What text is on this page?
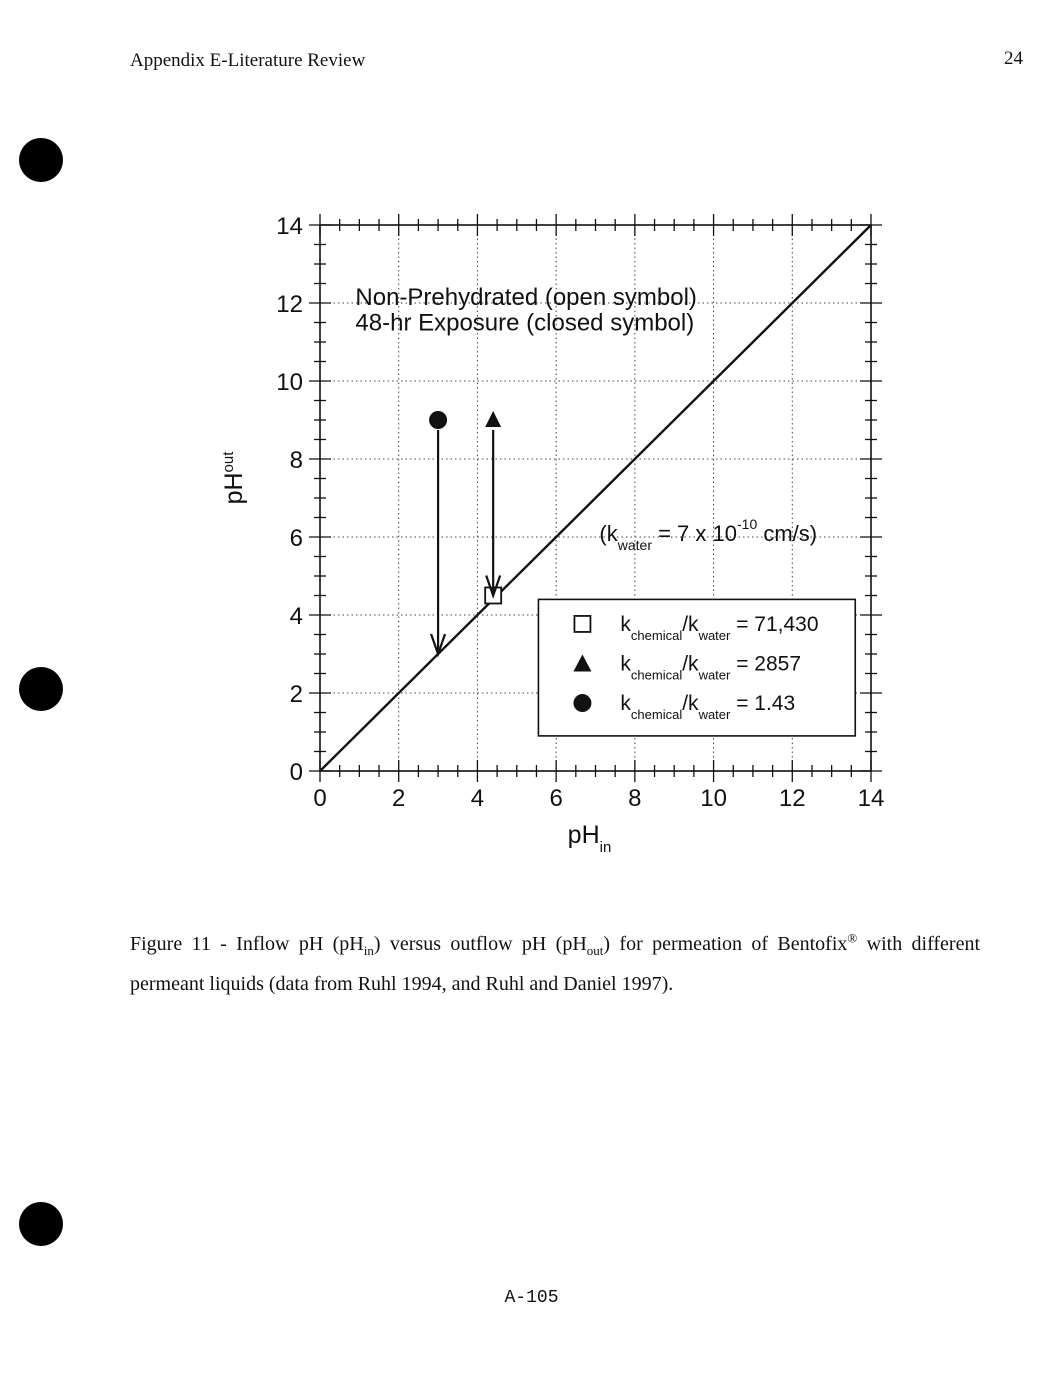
Appendix E-Literature Review	24
0	2	4	6	8 10 12 14
0
2
4
6
8
10
12
14
$pH_{in}$
$pH^{out}$
Non-Prehydrated (open symbol)
48-hr Exposure (closed symbol)
($k_{water} = 7$ x $10^{-10}$ cm/s)
$k_{chemical}/k_{water} = 71,430$
$k_{chemical}/k_{water} = 2857$
$k_{chemical}/k_{water} = 1.43$
Figure 11 - Inflow pH $(pH_{in})$ versus outflow pH $(pH_{out})$ for permeation of Bentofix® with different permeant liquids (data from Ruhl 1994, and Ruhl and Daniel 1997).
A-105
